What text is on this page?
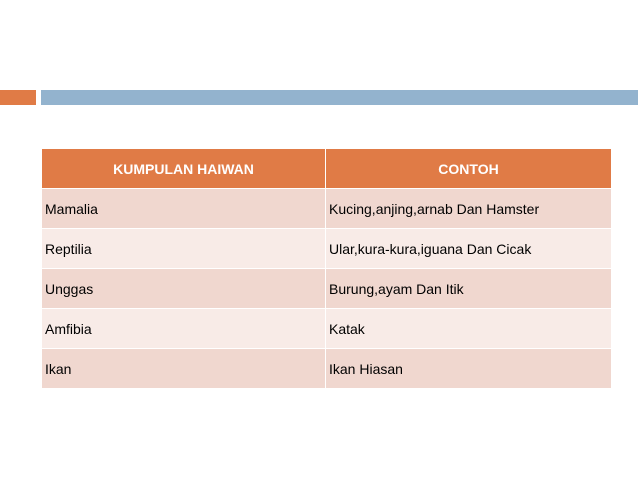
KUMPULAN HAIWAN	CONTOH
Mamalia	Kucing,anjing,arnab Dan Hamster
Reptilia	Ular,kura-kura,iguana Dan Cicak
Unggas	Burung,ayam Dan Itik
Amfibia	Katak
Ikan	Ikan Hiasan
